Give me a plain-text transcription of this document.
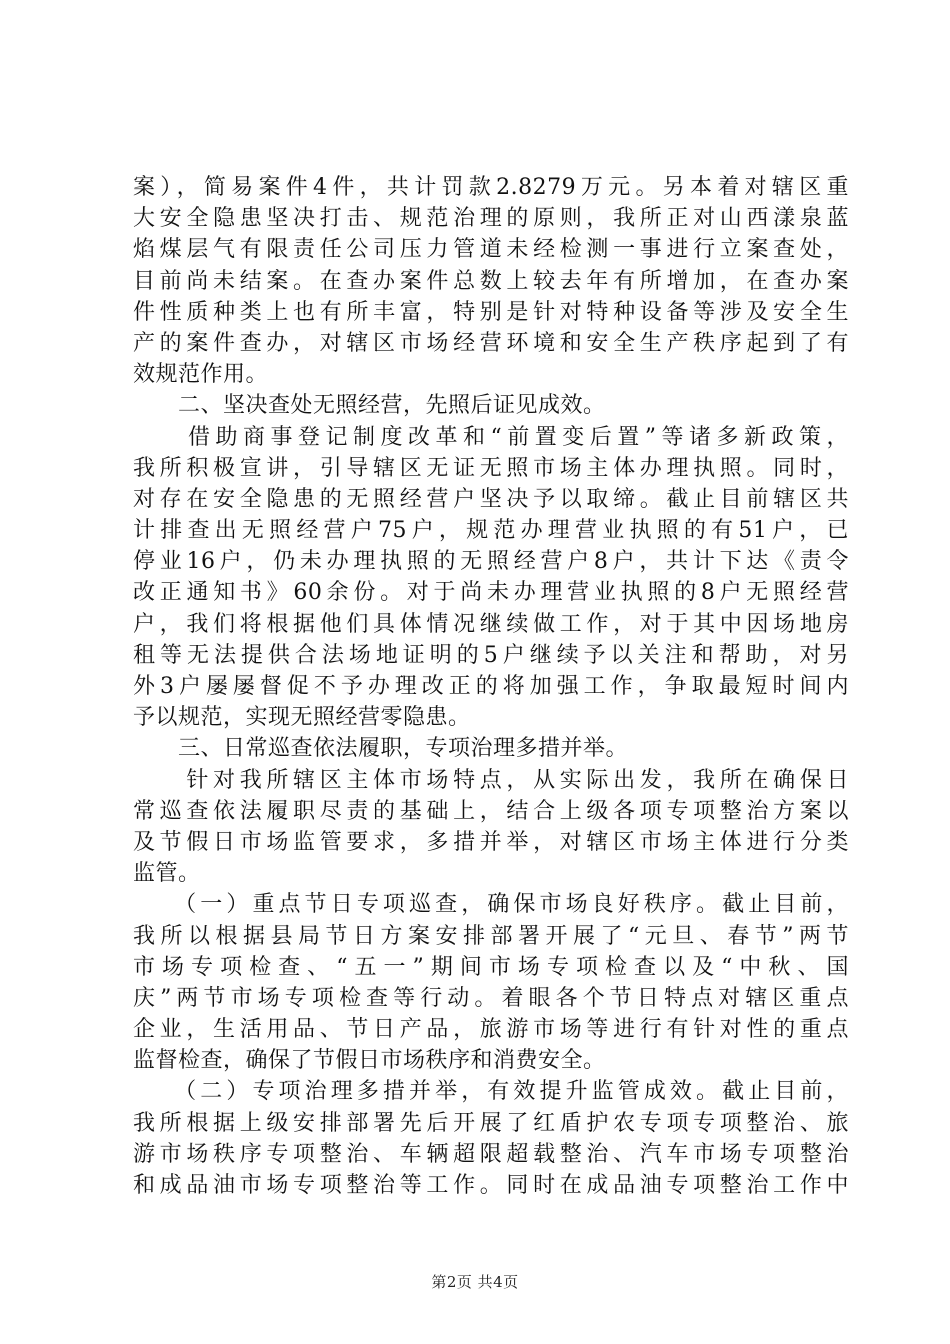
案），简易案件4件，共计罚款2.8279万元。另本着对辖区重
大安全隐患坚决打击、规范治理的原则，我所正对山西漾泉蓝
焰煤层气有限责任公司压力管道未经检测一事进行立案查处，
目前尚未结案。在查办案件总数上较去年有所增加，在查办案
件性质种类上也有所丰富，特别是针对特种设备等涉及安全生
产的案件查办，对辖区市场经营环境和安全生产秩序起到了有
效规范作用。
　　二、坚决查处无照经营，先照后证见成效。
　　借助商事登记制度改革和“前置变后置”等诸多新政策，
我所积极宣讲，引导辖区无证无照市场主体办理执照。同时，
对存在安全隐患的无照经营户坚决予以取缔。截止目前辖区共
计排查出无照经营户75户，规范办理营业执照的有51户，已
停业16户，仍未办理执照的无照经营户8户，共计下达《责令
改正通知书》60余份。对于尚未办理营业执照的8户无照经营
户，我们将根据他们具体情况继续做工作，对于其中因场地房
租等无法提供合法场地证明的5户继续予以关注和帮助，对另
外3户屡屡督促不予办理改正的将加强工作，争取最短时间内
予以规范，实现无照经营零隐患。
　　三、日常巡查依法履职，专项治理多措并举。
　　针对我所辖区主体市场特点，从实际出发，我所在确保日
常巡查依法履职尽责的基础上，结合上级各项专项整治方案以
及节假日市场监管要求，多措并举，对辖区市场主体进行分类
监管。
　　（一）重点节日专项巡查，确保市场良好秩序。截止目前，
我所以根据县局节日方案安排部署开展了“元旦、春节”两节
市场专项检查、“五一”期间市场专项检查以及“中秋、国
庆”两节市场专项检查等行动。着眼各个节日特点对辖区重点
企业，生活用品、节日产品，旅游市场等进行有针对性的重点
监督检查，确保了节假日市场秩序和消费安全。
　　（二）专项治理多措并举，有效提升监管成效。截止目前，
我所根据上级安排部署先后开展了红盾护农专项专项整治、旅
游市场秩序专项整治、车辆超限超载整治、汽车市场专项整治
和成品油市场专项整治等工作。同时在成品油专项整治工作中
第2页 共4页
